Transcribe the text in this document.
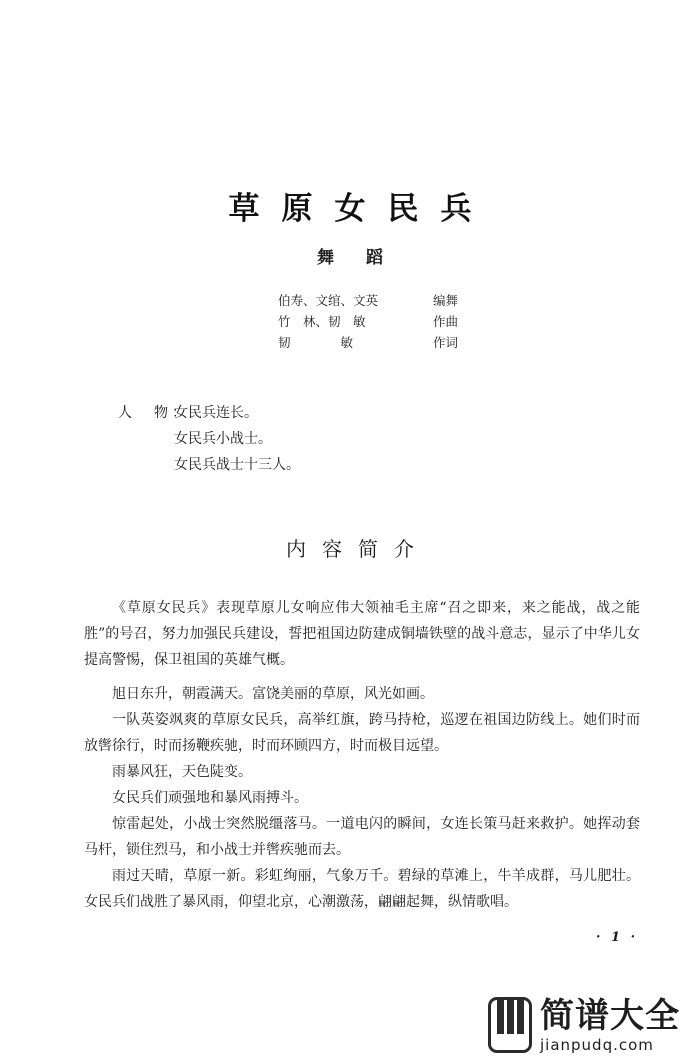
草原女民兵
舞蹈
伯寿、文绾、文英	编舞
竹　林、韧　敏	作曲
韧　　　　敏	作词
人　物：
女民兵连长。
女民兵小战士。
女民兵战士十三人。
内容简介

《草原女民兵》表现草原儿女响应伟大领袖毛主席“召之即来，来之能战，战之能胜”的号召，努力加强民兵建设，誓把祖国边防建成铜墙铁壁的战斗意志，显示了中华儿女提高警惕，保卫祖国的英雄气概。

旭日东升，朝霞满天。富饶美丽的草原，风光如画。

一队英姿飒爽的草原女民兵，高举红旗，跨马持枪，巡逻在祖国边防线上。她们时而放辔徐行，时而扬鞭疾驰，时而环顾四方，时而极目远望。

雨暴风狂，天色陡变。

女民兵们顽强地和暴风雨搏斗。

惊雷起处，小战士突然脱缰落马。一道电闪的瞬间，女连长策马赶来救护。她挥动套马杆，锁住烈马，和小战士并辔疾驰而去。

雨过天晴，草原一新。彩虹绚丽，气象万千。碧绿的草滩上，牛羊成群，马儿肥壮。女民兵们战胜了暴风雨，仰望北京，心潮激荡，翩翩起舞，纵情歌唱。

· 1 ·
简谱大全
jianpudq.com
